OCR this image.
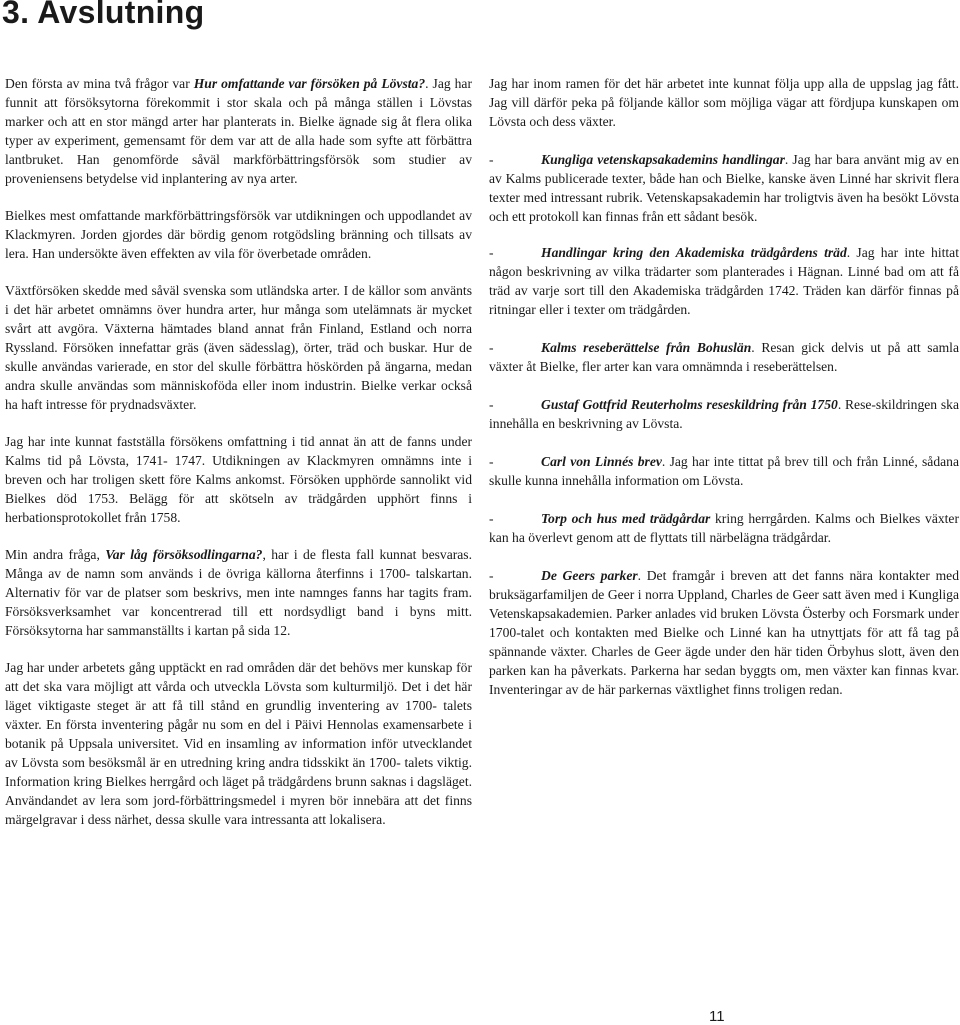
3. Avslutning

Den första av mina två frågor var Hur omfattande var försöken på Lövsta?. Jag har funnit att försöksytorna förekommit i stor skala och på många ställen i Lövstas marker och att en stor mängd arter har planterats in. Bielke ägnade sig åt flera olika typer av experiment, gemensamt för dem var att de alla hade som syfte att förbättra lantbruket. Han genomförde såväl markförbättringsförsök som studier av proveniensens betydelse vid inplantering av nya arter.

Bielkes mest omfattande markförbättringsförsök var utdikningen och uppodlandet av Klackmyren. Jorden gjordes där bördig genom rotgödsling bränning och tillsats av lera. Han undersökte även effekten av vila för överbetade områden.

Växtförsöken skedde med såväl svenska som utländska arter. I de källor som använts i det här arbetet omnämns över hundra arter, hur många som utelämnats är mycket svårt att avgöra. Växterna hämtades bland annat från Finland, Estland och norra Ryssland. Försöken innefattar gräs (även sädesslag), örter, träd och buskar. Hur de skulle användas varierade, en stor del skulle förbättra höskörden på ängarna, medan andra skulle användas som människoföda eller inom industrin. Bielke verkar också ha haft intresse för prydnadsväxter.

Jag har inte kunnat fastställa försökens omfattning i tid annat än att de fanns under Kalms tid på Lövsta, 1741- 1747. Utdikningen av Klackmyren omnämns inte i breven och har troligen skett före Kalms ankomst. Försöken upphörde sannolikt vid Bielkes död 1753. Belägg för att skötseln av trädgården upphört finns i herbationsprotokollet från 1758.

Min andra fråga, Var låg försöksodlingarna?, har i de flesta fall kunnat besvaras. Många av de namn som används i de övriga källorna återfinns i 1700- talskartan. Alternativ för var de platser som beskrivs, men inte namnges fanns har tagits fram. Försöksverksamhet var koncentrerad till ett nordsydligt band i byns mitt. Försöksytorna har sammanställts i kartan på sida 12.

Jag har under arbetets gång upptäckt en rad områden där det behövs mer kunskap för att det ska vara möjligt att vårda och utveckla Lövsta som kulturmiljö. Det i det här läget viktigaste steget är att få till stånd en grundlig inventering av 1700- talets växter. En första inventering pågår nu som en del i Päivi Hennolas examensarbete i botanik på Uppsala universitet. Vid en insamling av information inför utvecklandet av Lövsta som besöksmål är en utredning kring andra tidsskikt än 1700- talets viktig. Information kring Bielkes herrgård och läget på trädgårdens brunn saknas i dagsläget. Användandet av lera som jord-förbättringsmedel i myren bör innebära att det finns märgelgravar i dess närhet, dessa skulle vara intressanta att lokalisera.

Jag har inom ramen för det här arbetet inte kunnat följa upp alla de uppslag jag fått. Jag vill därför peka på följande källor som möjliga vägar att fördjupa kunskapen om Lövsta och dess växter.

-	Kungliga vetenskapsakademins handlingar. Jag har bara använt mig av en av Kalms publicerade texter, både han och Bielke, kanske även Linné har skrivit flera texter med intressant rubrik. Vetenskapsakademin har troligtvis även ha besökt Lövsta och ett protokoll kan finnas från ett sådant besök.

-	Handlingar kring den Akademiska trädgårdens träd. Jag har inte hittat någon beskrivning av vilka trädarter som planterades i Hägnan. Linné bad om att få träd av varje sort till den Akademiska trädgården 1742. Träden kan därför finnas på ritningar eller i texter om trädgården.

-	Kalms reseberättelse från Bohuslän. Resan gick delvis ut på att samla växter åt Bielke, fler arter kan vara omnämnda i reseberättelsen.

-	Gustaf Gottfrid Reuterholms reseskildring från 1750. Rese-skildringen ska innehålla en beskrivning av Lövsta.

-	Carl von Linnés brev. Jag har inte tittat på brev till och från Linné, sådana skulle kunna innehålla information om Lövsta.

-	Torp och hus med trädgårdar kring herrgården. Kalms och Bielkes växter kan ha överlevt genom att de flyttats till närbelägna trädgårdar.

-	De Geers parker. Det framgår i breven att det fanns nära kontakter med bruksägarfamiljen de Geer i norra Uppland, Charles de Geer satt även med i Kungliga Vetenskapsakademien. Parker anlades vid bruken Lövsta Österby och Forsmark under 1700-talet och kontakten med Bielke och Linné kan ha utnyttjats för att få tag på spännande växter. Charles de Geer ägde under den här tiden Örbyhus slott, även den parken kan ha påverkats. Parkerna har sedan byggts om, men växter kan finnas kvar. Inventeringar av de här parkernas växtlighet finns troligen redan.

11
